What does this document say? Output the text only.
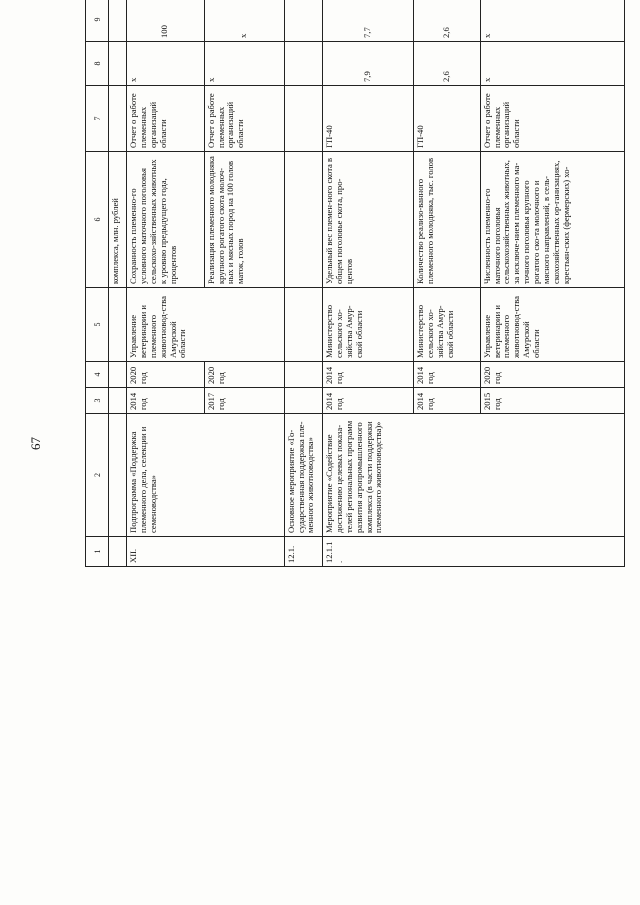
67
1	2	3	4	5	6	7	8	9							
					комплекса, млн. рублей										
XII.	Подпрограмма «Поддержка племенного дела, селекции и семеноводства»	2014 год	2020 год	Управление ветеринарии и племенного животновод-ства Амурской области	Сохранность племенно-го условного маточного поголовья сельскохо-зяйственных животных к уровню предыдущего года, процентов	Отчет о работе племенных организаций области	х	100							
		2017 год	2020 год		Реализация племенного молодняка крупного рогатого скота молоч-ных и мясных пород на 100 голов маток, голов	Отчет о работе племенных организаций области	х	х							
12.1.	Основное мероприятие «Го-сударственная поддержка пле-менного животноводства»														
12.1.1.	Мероприятие «Содействие достижению целевых показа-телей региональных программ развития агропромышленного комплекса (в части поддержки племенного животноводства)»	2014 год	2014 год	Министерство сельского хо-зяйства Амур-ской области	Удельный вес племен-ного скота в общем поголовье скота, про-центов	ГП-40	7,9	7,7							
		2014 год	2014 год	Министерство сельского хо-зяйства Амур-ской области	Количество реализо-ванного племенного молодняка, тыс. голов	ГП-40	2,6	2,6							
		2015 год	2020 год	Управление ветеринарии и племенного животновод-ства Амурской области	Численность племенно-го маточного поголовья сельскохозяйственных животных, за исключе-нием племенного ма-точного поголовья крупного рогатого ско-та молочного и мясного направлений, в сель-скохозяйственных ор-ганизациях, крестьян-ских (фермерских) хо-	Отчет о работе племенных организаций области	х	х							
